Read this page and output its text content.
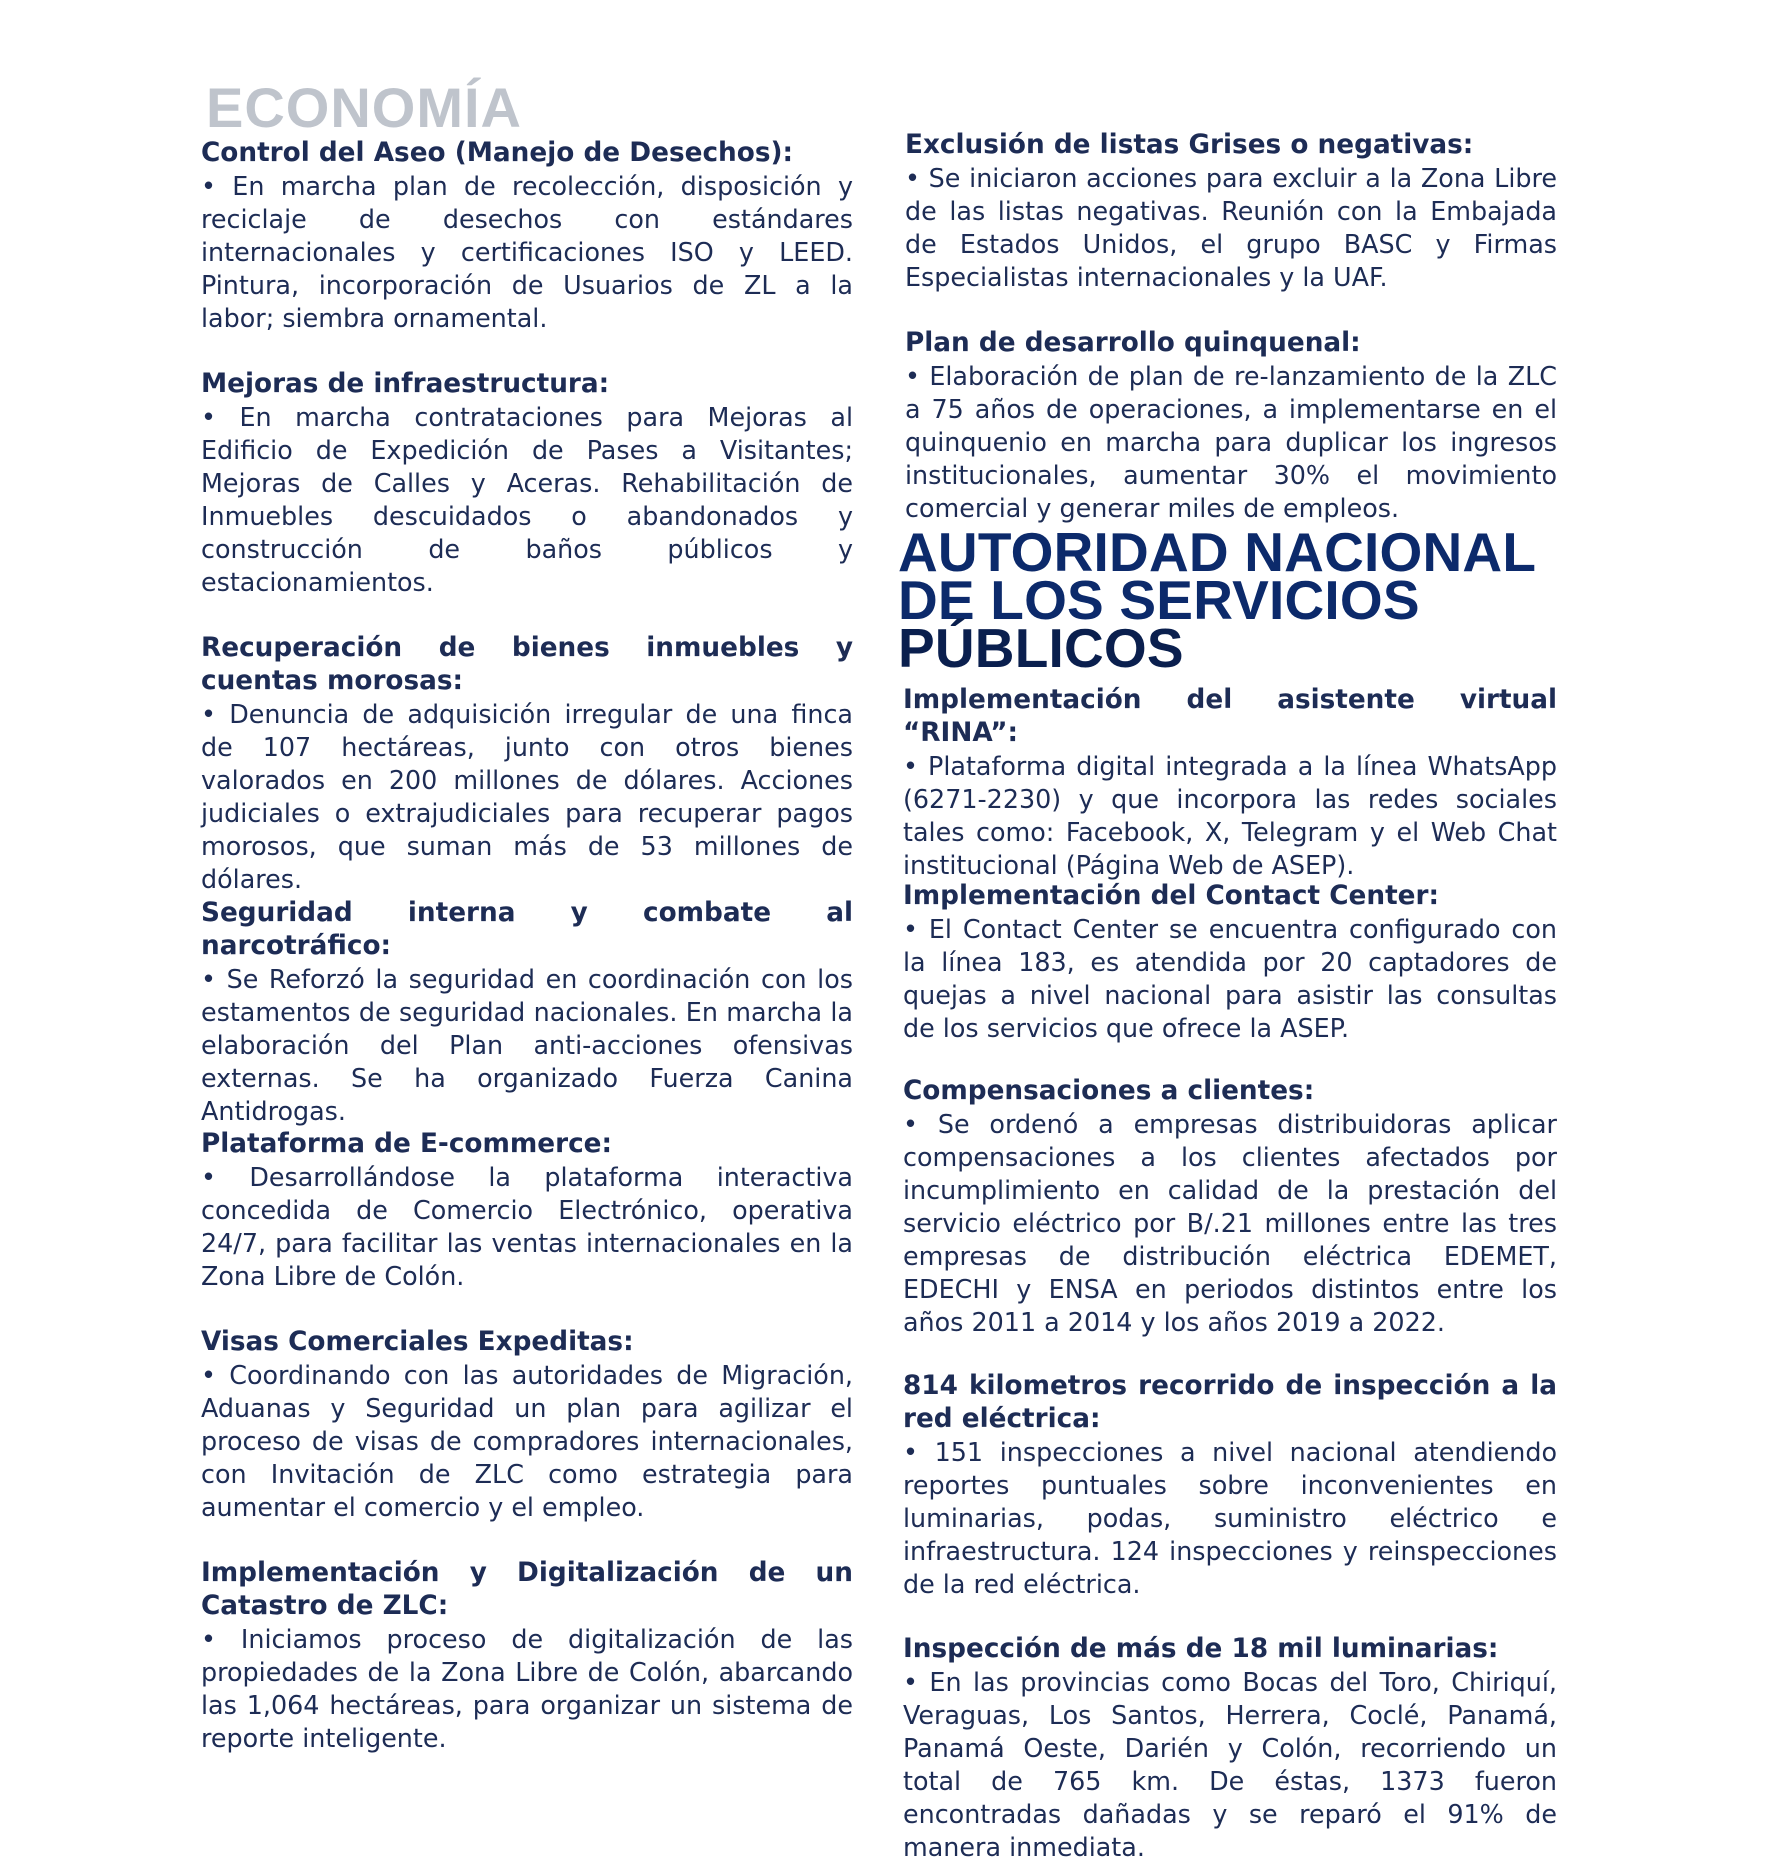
ECONOMÍA
Control del Aseo (Manejo de Desechos):

• En marcha plan de recolección, disposición y reciclaje de desechos con estándares internacionales y certificaciones ISO y LEED. Pintura, incorporación de Usuarios de ZL a la labor; siembra ornamental.

Mejoras de infraestructura:

• En marcha contrataciones para Mejoras al Edificio de Expedición de Pases a Visitantes; Mejoras de Calles y Aceras. Rehabilitación de Inmuebles descuidados o abandonados y construcción de baños públicos y estacionamientos.

Recuperación de bienes inmuebles y cuentas morosas:

• Denuncia de adquisición irregular de una finca de 107 hectáreas, junto con otros bienes valorados en 200 millones de dólares. Acciones judiciales o extrajudiciales para recuperar pagos morosos, que suman más de 53 millones de dólares.

Seguridad interna y combate al narcotráfico:

• Se Reforzó la seguridad en coordinación con los estamentos de seguridad nacionales. En marcha la elaboración del Plan anti-acciones ofensivas externas. Se ha organizado Fuerza Canina Antidrogas.

Plataforma de E-commerce:

• Desarrollándose la plataforma interactiva concedida de Comercio Electrónico, operativa 24/7, para facilitar las ventas internacionales en la Zona Libre de Colón.

Visas Comerciales Expeditas:

• Coordinando con las autoridades de Migración, Aduanas y Seguridad un plan para agilizar el proceso de visas de compradores internacionales, con Invitación de ZLC como estrategia para aumentar el comercio y el empleo.

Implementación y Digitalización de un Catastro de ZLC:

• Iniciamos proceso de digitalización de las propiedades de la Zona Libre de Colón, abarcando las 1,064 hectáreas, para organizar un sistema de reporte inteligente.

Exclusión de listas Grises o negativas:

• Se iniciaron acciones para excluir a la Zona Libre de las listas negativas. Reunión con la Embajada de Estados Unidos, el grupo BASC y Firmas Especialistas internacionales y la UAF.

Plan de desarrollo quinquenal:

• Elaboración de plan de re-lanzamiento de la ZLC a 75 años de operaciones, a implementarse en el quinquenio en marcha para duplicar los ingresos institucionales, aumentar 30% el movimiento comercial y generar miles de empleos.

AUTORIDAD NACIONAL
DE LOS SERVICIOS
PÚBLICOS
Implementación del asistente virtual “RINA”:

• Plataforma digital integrada a la línea WhatsApp (6271-2230) y que incorpora las redes sociales tales como: Facebook, X, Telegram y el Web Chat institucional (Página Web de ASEP).

Implementación del Contact Center:

• El Contact Center se encuentra configurado con la línea 183, es atendida por 20 captadores de quejas a nivel nacional para asistir las consultas de los servicios que ofrece la ASEP.

Compensaciones a clientes:

• Se ordenó a empresas distribuidoras aplicar compensaciones a los clientes afectados por incumplimiento en calidad de la prestación del servicio eléctrico por B/.21 millones entre las tres empresas de distribución eléctrica EDEMET, EDECHI y ENSA en periodos distintos entre los años 2011 a 2014 y los años 2019 a 2022.

814 kilometros recorrido de inspección a la red eléctrica:

• 151 inspecciones a nivel nacional atendiendo reportes puntuales sobre inconvenientes en luminarias, podas, suministro eléctrico e infraestructura. 124 inspecciones y reinspecciones de la red eléctrica.

Inspección de más de 18 mil luminarias:

• En las provincias como Bocas del Toro, Chiriquí, Veraguas, Los Santos, Herrera, Coclé, Panamá, Panamá Oeste, Darién y Colón, recorriendo un total de 765 km. De éstas, 1373 fueron encontradas dañadas y se reparó el 91% de manera inmediata.
